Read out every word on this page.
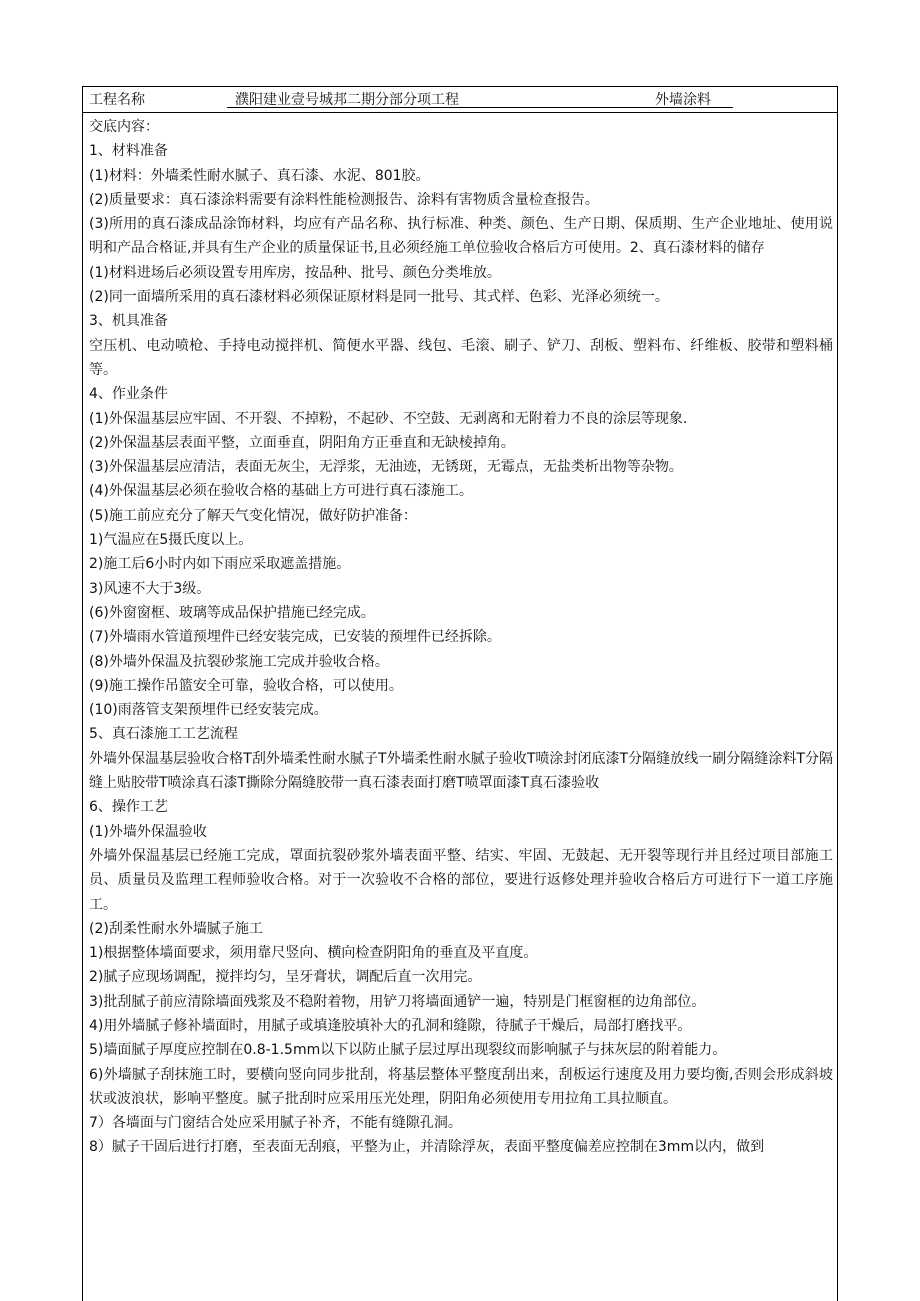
工程名称	濮阳建业壹号城邦二期分部分项工程	外墙涂料
交底内容：
1、材料准备
(1)材料：外墙柔性耐水腻子、真石漆、水泥、801胶。
(2)质量要求：真石漆涂料需要有涂料性能检测报告、涂料有害物质含量检查报告。
(3)所用的真石漆成品涂饰材料，均应有产品名称、执行标准、种类、颜色、生产日期、保质期、生产企业地址、使用说明和产品合格证,并具有生产企业的质量保证书,且必须经施工单位验收合格后方可使用。2、真石漆材料的储存
(1)材料进场后必须设置专用库房，按品种、批号、颜色分类堆放。
(2)同一面墙所采用的真石漆材料必须保证原材料是同一批号、其式样、色彩、光泽必须统一。
3、机具准备
空压机、电动喷枪、手持电动搅拌机、简便水平器、线包、毛滚、刷子、铲刀、刮板、塑料布、纤维板、胶带和塑料桶等。
4、作业条件
(1)外保温基层应牢固、不开裂、不掉粉，不起砂、不空鼓、无剥离和无附着力不良的涂层等现象.
(2)外保温基层表面平整，立面垂直，阴阳角方正垂直和无缺棱掉角。
(3)外保温基层应清洁，表面无灰尘，无浮浆，无油迹，无锈斑，无霉点，无盐类析出物等杂物。
(4)外保温基层必须在验收合格的基础上方可进行真石漆施工。
(5)施工前应充分了解天气变化情况，做好防护准备：
1)气温应在5摄氏度以上。
2)施工后6小时内如下雨应采取遮盖措施。
3)风速不大于3级。
(6)外窗窗框、玻璃等成品保护措施已经完成。
(7)外墙雨水管道预埋件已经安装完成，已安装的预埋件已经拆除。
(8)外墙外保温及抗裂砂浆施工完成并验收合格。
(9)施工操作吊篮安全可靠，验收合格，可以使用。
(10)雨落管支架预埋件已经安装完成。
5、真石漆施工工艺流程
外墙外保温基层验收合格T刮外墙柔性耐水腻子T外墙柔性耐水腻子验收T喷涂封闭底漆T分隔缝放线一刷分隔缝涂料T分隔缝上贴胶带T喷涂真石漆T撕除分隔缝胶带一真石漆表面打磨T喷罩面漆T真石漆验收
6、操作工艺
(1)外墙外保温验收
外墙外保温基层已经施工完成，罩面抗裂砂浆外墙表面平整、结实、牢固、无鼓起、无开裂等现行并且经过项目部施工员、质量员及监理工程师验收合格。对于一次验收不合格的部位，要进行返修处理并验收合格后方可进行下一道工序施工。
(2)刮柔性耐水外墙腻子施工
1)根据整体墙面要求，须用靠尺竖向、横向检查阴阳角的垂直及平直度。
2)腻子应现场调配，搅拌均匀，呈牙膏状，调配后直一次用完。
3)批刮腻子前应清除墙面残浆及不稳附着物，用铲刀将墙面通铲一遍，特别是门框窗框的边角部位。
4)用外墙腻子修补墙面时，用腻子或填逢胶填补大的孔洞和缝隙，待腻子干燥后，局部打磨找平。
5)墙面腻子厚度应控制在0.8-1.5mm以下以防止腻子层过厚出现裂纹而影响腻子与抹灰层的附着能力。
6)外墙腻子刮抹施工时，要横向竖向同步批刮，将基层整体平整度刮出来，刮板运行速度及用力要均衡,否则会形成斜坡状或波浪状，影响平整度。腻子批刮时应采用压光处理，阴阳角必须使用专用拉角工具拉顺直。
7）各墙面与门窗结合处应采用腻子补齐，不能有缝隙孔洞。
8）腻子干固后进行打磨，至表面无刮痕，平整为止，并清除浮灰，表面平整度偏差应控制在3mm以内，做到
